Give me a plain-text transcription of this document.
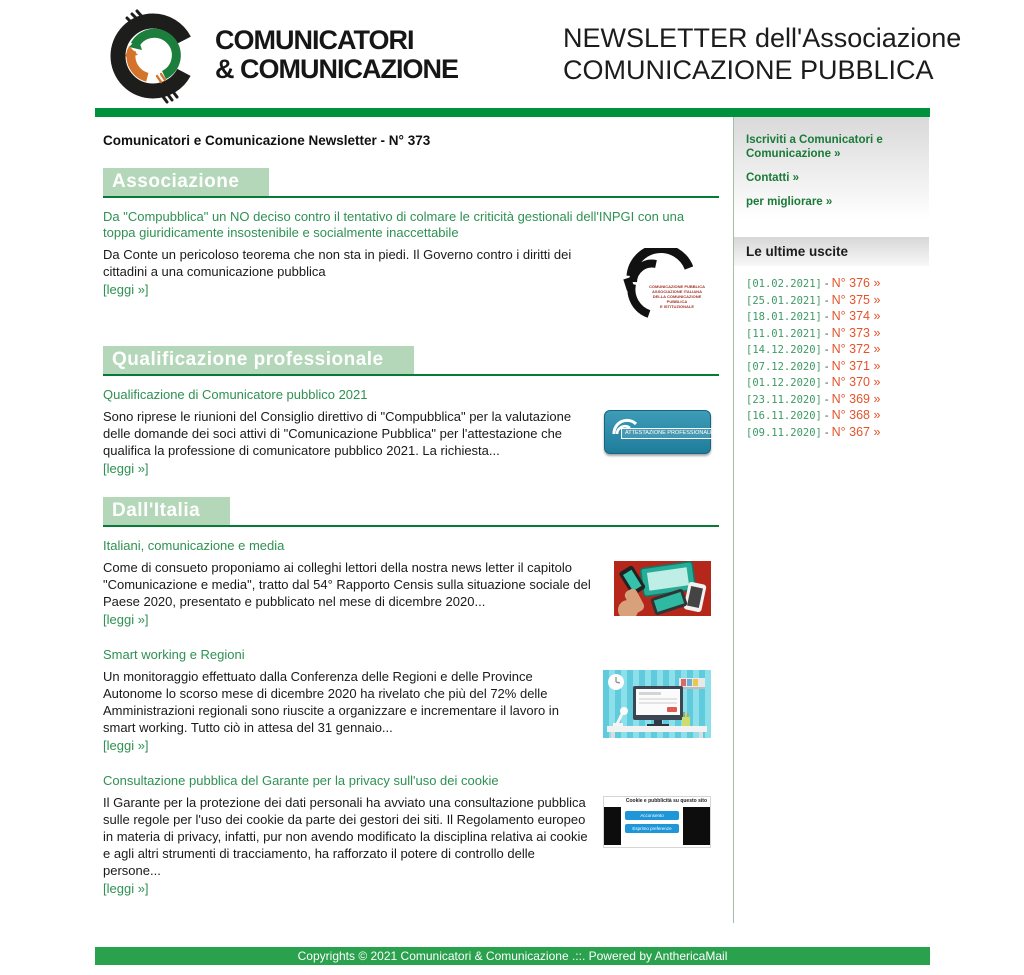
COMUNICATORI
& COMUNICAZIONE
NEWSLETTER dell'Associazione
COMUNICAZIONE PUBBLICA
Comunicatori e Comunicazione Newsletter - N° 373
Associazione
Da "Compubblica" un NO deciso contro il tentativo di colmare le criticità gestionali dell'INPGI con una toppa giuridicamente insostenibile e socialmente inaccettabile
COMUNICAZIONE PUBBLICA
ASSOCIAZIONE ITALIANA
DELLA COMUNICAZIONE PUBBLICA
E ISTITUZIONALE
Da Conte un pericoloso teorema che non sta in piedi. Il Governo contro i diritti dei cittadini a una comunicazione pubblica
[leggi »]
Qualificazione professionale
Qualificazione di Comunicatore pubblico 2021
ATTESTAZIONE PROFESSIONALE
Sono riprese le riunioni del Consiglio direttivo di "Compubblica" per la valutazione delle domande dei soci attivi di "Comunicazione Pubblica" per l'attestazione che qualifica la professione di comunicatore pubblico 2021. La richiesta...
[leggi »]
Dall'Italia
Italiani, comunicazione e media
Come di consueto proponiamo ai colleghi lettori della nostra news letter il capitolo "Comunicazione e media", tratto dal 54° Rapporto Censis sulla situazione sociale del Paese 2020, presentato e pubblicato nel mese di dicembre 2020...
[leggi »]
Smart working e Regioni
Un monitoraggio effettuato dalla Conferenza delle Regioni e delle Province Autonome lo scorso mese di dicembre 2020 ha rivelato che più del 72% delle Amministrazioni regionali sono riuscite a organizzare e incrementare il lavoro in smart working. Tutto ciò in attesa del 31 gennaio...
[leggi »]
Consultazione pubblica del Garante per la privacy sull'uso dei cookie
Cookie e pubblicità su questo sito
Acconsento
Esprimo preferenze
Il Garante per la protezione dei dati personali ha avviato una consultazione pubblica sulle regole per l'uso dei cookie da parte dei gestori dei siti. Il Regolamento europeo in materia di privacy, infatti, pur non avendo modificato la disciplina relativa ai cookie e agli altri strumenti di tracciamento, ha rafforzato il potere di controllo delle persone...
[leggi »]
Iscriviti a Comunicatori e Comunicazione »
Contatti »
per migliorare »
Le ultime uscite
[01.02.2021] - N° 376 »
[25.01.2021] - N° 375 »
[18.01.2021] - N° 374 »
[11.01.2021] - N° 373 »
[14.12.2020] - N° 372 »
[07.12.2020] - N° 371 »
[01.12.2020] - N° 370 »
[23.11.2020] - N° 369 »
[16.11.2020] - N° 368 »
[09.11.2020] - N° 367 »
Copyrights © 2021 Comunicatori & Comunicazione .::. Powered by AnthericaMail
